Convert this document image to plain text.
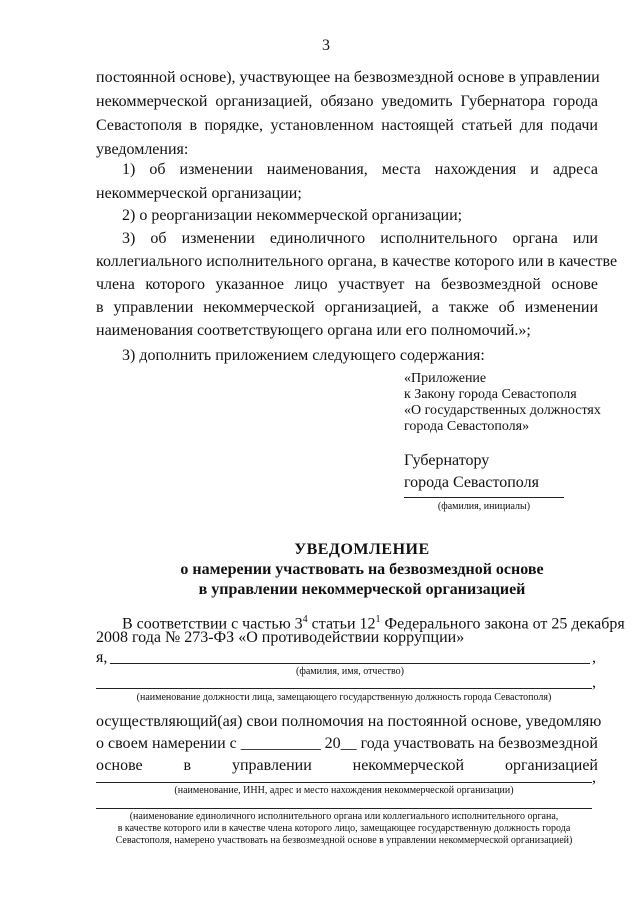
3
постоянной основе), участвующее на безвозмездной основе в управлении
некоммерческой организацией, обязано уведомить Губернатора города
Севастополя в порядке, установленном настоящей статьей для подачи
уведомления:
1) об изменении наименования, места нахождения и адреса
некоммерческой организации;
2) о реорганизации некоммерческой организации;
3) об изменении единоличного исполнительного органа или
коллегиального исполнительного органа, в качестве которого или в качестве
члена которого указанное лицо участвует на безвозмездной основе
в управлении некоммерческой организацией, а также об изменении
наименования соответствующего органа или его полномочий.»;
3) дополнить приложением следующего содержания:
«Приложение
к Закону города Севастополя
«О государственных должностях
города Севастополя»
Губернатору
города Севастополя
(фамилия, инициалы)
УВЕДОМЛЕНИЕ
о намерении участвовать на безвозмездной основе
в управлении некоммерческой организацией
В соответствии с частью $3^4$ статьи $12^1$ Федерального закона от 25 декабря
2008 года № 273-ФЗ «О противодействии коррупции»
я,	,
(фамилия, имя, отчество)
,
(наименование должности лица, замещающего государственную должность города Севастополя)
осуществляющий(ая) свои полномочия на постоянной основе, уведомляю
о своем намерении с __________ 20__ года участвовать на безвозмездной
основе	в	управлении	некоммерческой	организацией
,
(наименование, ИНН, адрес и место нахождения некоммерческой организации)
(наименование единоличного исполнительного органа или коллегиального исполнительного органа,
в качестве которого или в качестве члена которого лицо, замещающее государственную должность города
Севастополя, намерено участвовать на безвозмездной основе в управлении некоммерческой организацией)
